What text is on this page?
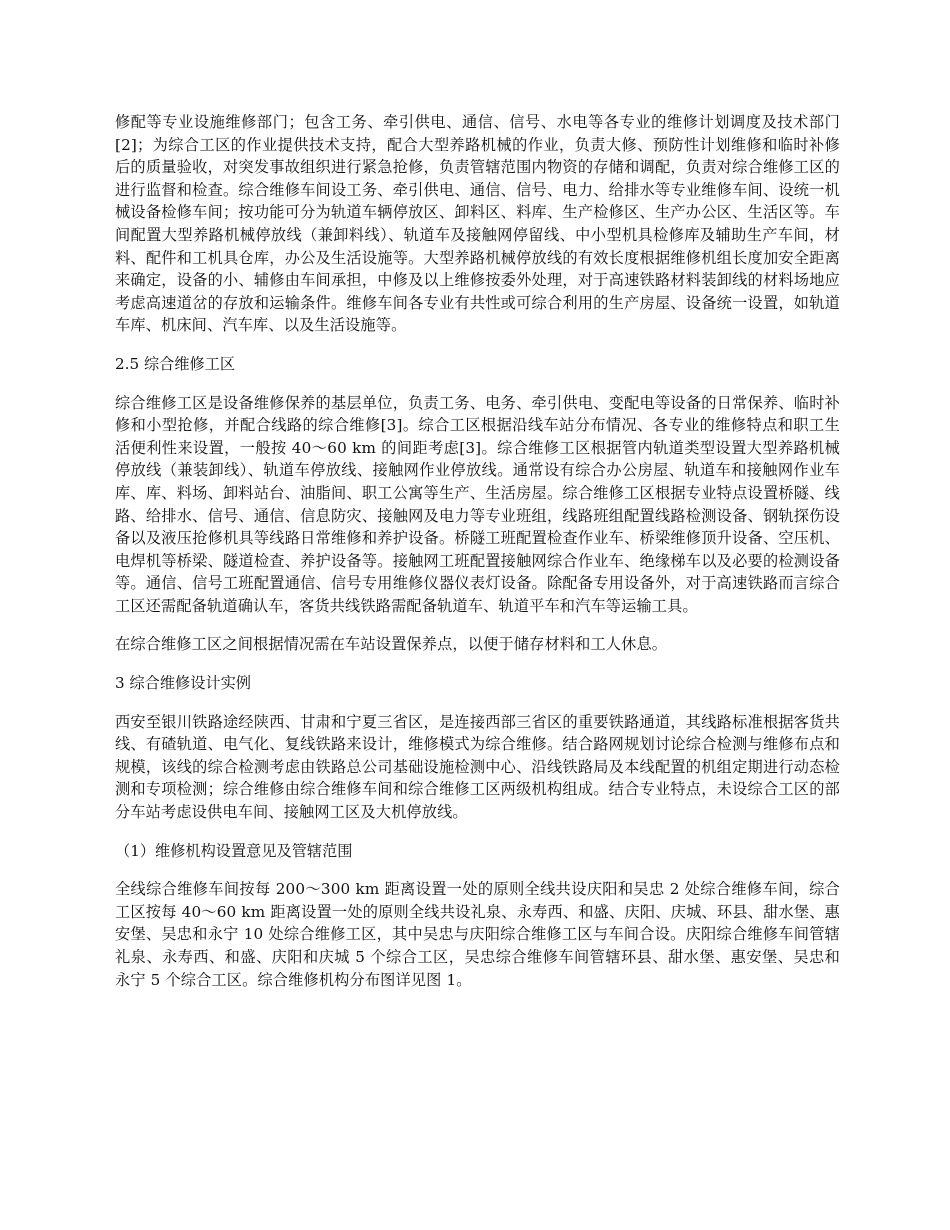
修配等专业设施维修部门；包含工务、牵引供电、通信、信号、水电等各专业的维修计划调度及技术部门[2]；为综合工区的作业提供技术支持，配合大型养路机械的作业，负责大修、预防性计划维修和临时补修后的质量验收，对突发事故组织进行紧急抢修，负责管辖范围内物资的存储和调配，负责对综合维修工区的进行监督和检查。综合维修车间设工务、牵引供电、通信、信号、电力、给排水等专业维修车间、设统一机械设备检修车间；按功能可分为轨道车辆停放区、卸料区、料库、生产检修区、生产办公区、生活区等。车间配置大型养路机械停放线（兼卸料线）、轨道车及接触网停留线、中小型机具检修库及辅助生产车间，材料、配件和工机具仓库，办公及生活设施等。大型养路机械停放线的有效长度根据维修机组长度加安全距离来确定，设备的小、辅修由车间承担，中修及以上维修按委外处理，对于高速铁路材料装卸线的材料场地应考虑高速道岔的存放和运输条件。维修车间各专业有共性或可综合利用的生产房屋、设备统一设置，如轨道车库、机床间、汽车库、以及生活设施等。

2.5 综合维修工区

综合维修工区是设备维修保养的基层单位，负责工务、电务、牵引供电、变配电等设备的日常保养、临时补修和小型抢修，并配合线路的综合维修[3]。综合工区根据沿线车站分布情况、各专业的维修特点和职工生活便利性来设置，一般按 40～60 km 的间距考虑[3]。综合维修工区根据管内轨道类型设置大型养路机械停放线（兼装卸线）、轨道车停放线、接触网作业停放线。通常设有综合办公房屋、轨道车和接触网作业车库、库、料场、卸料站台、油脂间、职工公寓等生产、生活房屋。综合维修工区根据专业特点设置桥隧、线路、给排水、信号、通信、信息防灾、接触网及电力等专业班组，线路班组配置线路检测设备、钢轨探伤设备以及液压抢修机具等线路日常维修和养护设备。桥隧工班配置检查作业车、桥梁维修顶升设备、空压机、电焊机等桥梁、隧道检查、养护设备等。接触网工班配置接触网综合作业车、绝缘梯车以及必要的检测设备等。通信、信号工班配置通信、信号专用维修仪器仪表灯设备。除配备专用设备外，对于高速铁路而言综合工区还需配备轨道确认车，客货共线铁路需配备轨道车、轨道平车和汽车等运输工具。

在综合维修工区之间根据情况需在车站设置保养点，以便于储存材料和工人休息。

3 综合维修设计实例

西安至银川铁路途经陕西、甘肃和宁夏三省区，是连接西部三省区的重要铁路通道，其线路标准根据客货共线、有碴轨道、电气化、复线铁路来设计，维修模式为综合维修。结合路网规划讨论综合检测与维修布点和规模，该线的综合检测考虑由铁路总公司基础设施检测中心、沿线铁路局及本线配置的机组定期进行动态检测和专项检测；综合维修由综合维修车间和综合维修工区两级机构组成。结合专业特点，未设综合工区的部分车站考虑设供电车间、接触网工区及大机停放线。

（1）维修机构设置意见及管辖范围

全线综合维修车间按每 200～300 km 距离设置一处的原则全线共设庆阳和吴忠 2 处综合维修车间，综合工区按每 40～60 km 距离设置一处的原则全线共设礼泉、永寿西、和盛、庆阳、庆城、环县、甜水堡、惠安堡、吴忠和永宁 10 处综合维修工区，其中吴忠与庆阳综合维修工区与车间合设。庆阳综合维修车间管辖礼泉、永寿西、和盛、庆阳和庆城 5 个综合工区，吴忠综合维修车间管辖环县、甜水堡、惠安堡、吴忠和永宁 5 个综合工区。综合维修机构分布图详见图 1。
